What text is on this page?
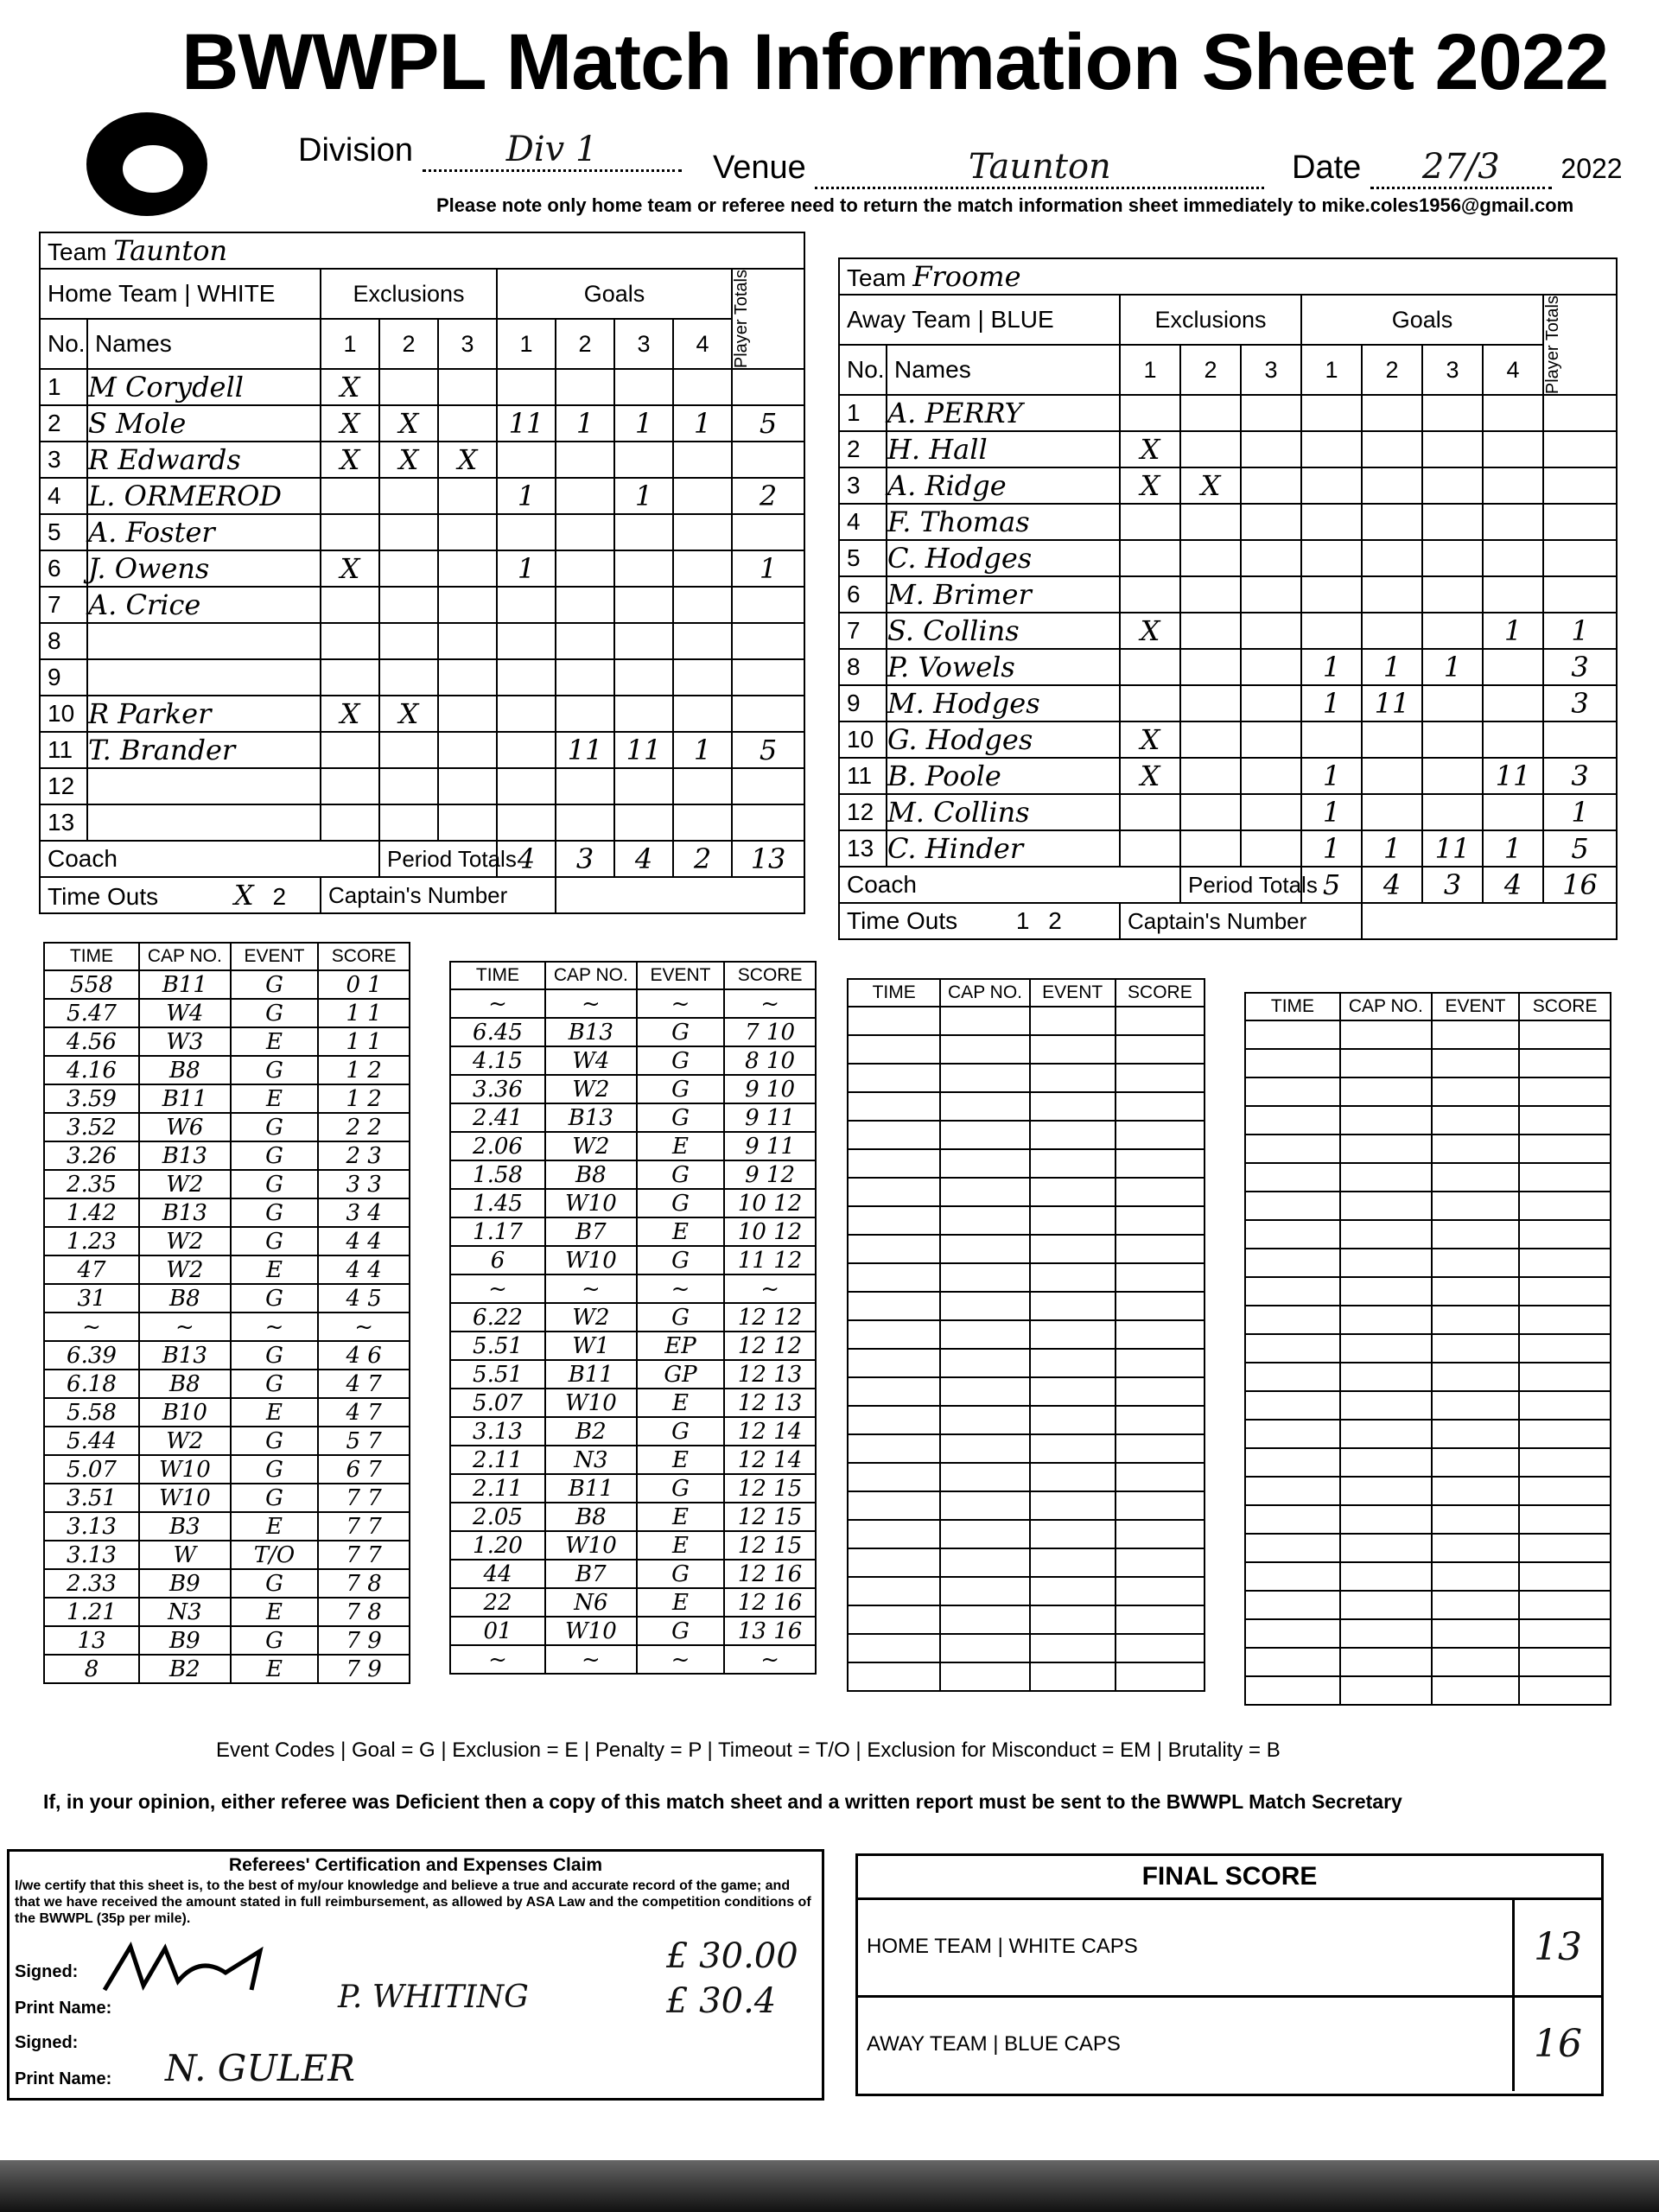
BWWPL Match Information Sheet 2022
Division	Div 1	Venue	Taunton	Date 27/3 2022
Please note only home team or referee need to return the match information sheet immediately to mike.coles1956@gmail.com
Team Taunton									
Home Team | WHITE		Exclusions			Goals				Player Totals

No.	Names	1	2	3	1	2	3	4	
1	M Corydell	X							
2	S Mole	X	X		11	1	1	1	5
3	R Edwards	X	X	X					
4	L. ORMEROD				1		1		2
5	A. Foster								
6	J. Owens	X			1				1
7	A. Crice								
8									
9									
10	R Parker	X	X						
11	T. Brander					11	11	1	5
12									
13									
Coach			Period Totals		4	3	4	2	13
Time Outs X 2		Captain's Number							
Team Froome									
Away Team | BLUE		Exclusions			Goals				Player Totals

No.	Names	1	2	3	1	2	3	4	
1	A. PERRY								
2	H. Hall	X							
3	A. Ridge	X	X						
4	F. Thomas								
5	C. Hodges								
6	M. Brimer								
7	S. Collins	X						1	1
8	P. Vowels				1	1	1		3
9	M. Hodges				1	11			3
10	G. Hodges	X							
11	B. Poole	X			1			11	3
12	M. Collins				1				1
13	C. Hinder				1	1	11	1	5
Coach			Period Totals		5	4	3	4	16
Time Outs 1 2		Captain's Number							
TIME	CAP NO.	EVENT	SCORE
558	B11	G	0 1
5.47	W4	G	1 1
4.56	W3	E	1 1
4.16	B8	G	1 2
3.59	B11	E	1 2
3.52	W6	G	2 2
3.26	B13	G	2 3
2.35	W2	G	3 3
1.42	B13	G	3 4
1.23	W2	G	4 4
47	W2	E	4 4
31	B8	G	4 5
~	~	~	~
6.39	B13	G	4 6
6.18	B8	G	4 7
5.58	B10	E	4 7
5.44	W2	G	5 7
5.07	W10	G	6 7
3.51	W10	G	7 7
3.13	B3	E	7 7
3.13	W	T/O	7 7
2.33	B9	G	7 8
1.21	N3	E	7 8
13	B9	G	7 9
8	B2	E	7 9
TIME	CAP NO.	EVENT	SCORE
~	~	~	~
6.45	B13	G	7 10
4.15	W4	G	8 10
3.36	W2	G	9 10
2.41	B13	G	9 11
2.06	W2	E	9 11
1.58	B8	G	9 12
1.45	W10	G	10 12
1.17	B7	E	10 12
6	W10	G	11 12
~	~	~	~
6.22	W2	G	12 12
5.51	W1	EP	12 12
5.51	B11	GP	12 13
5.07	W10	E	12 13
3.13	B2	G	12 14
2.11	N3	E	12 14
2.11	B11	G	12 15
2.05	B8	E	12 15
1.20	W10	E	12 15
44	B7	G	12 16
22	N6	E	12 16
01	W10	G	13 16
~	~	~	~
TIME	CAP NO.	EVENT	SCORE

TIME	CAP NO.	EVENT	SCORE

Event Codes | Goal = G | Exclusion = E | Penalty = P | Timeout = T/O | Exclusion for Misconduct = EM | Brutality = B
If, in your opinion, either referee was Deficient then a copy of this match sheet and a written report must be sent to the BWWPL Match Secretary
Referees' Certification and Expenses Claim
I/we certify that this sheet is, to the best of my/our knowledge and believe a true and accurate record of the game; and that we have received the amount stated in full reimbursement, as allowed by ASA Law and the competition conditions of the BWWPL (35p per mile).
Signed:
Print Name:	P. WHITING
£ 30.00
£ 30.4
Signed:
Print Name: N. GULER
FINAL SCORE
HOME TEAM | WHITE CAPS	13
AWAY TEAM | BLUE CAPS	16
